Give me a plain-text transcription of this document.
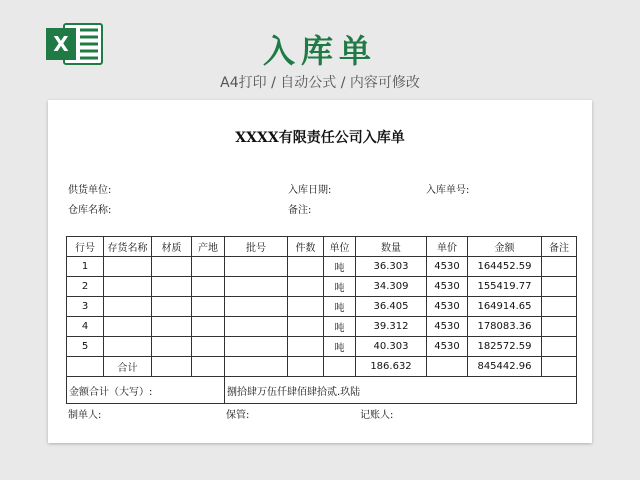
X	入库单
A4打印 / 自动公式 / 内容可修改
XXXX有限责任公司入库单
供货单位:	入库日期:	入库单号:
仓库名称:	备注:
行号	存货名称	材质	产地	批号	件数	单位	数量	单价	金额	备注
1						吨	36.303	4530	164452.59	
2						吨	34.309	4530	155419.77	
3						吨	36.405	4530	164914.65	
4						吨	39.312	4530	178083.36	
5						吨	40.303	4530	182572.59	
	合计						186.632		845442.96	
金额合计（大写）:				捌拾肆万伍仟肆佰肆拾贰.玖陆						
制单人:	保管:	记账人:
